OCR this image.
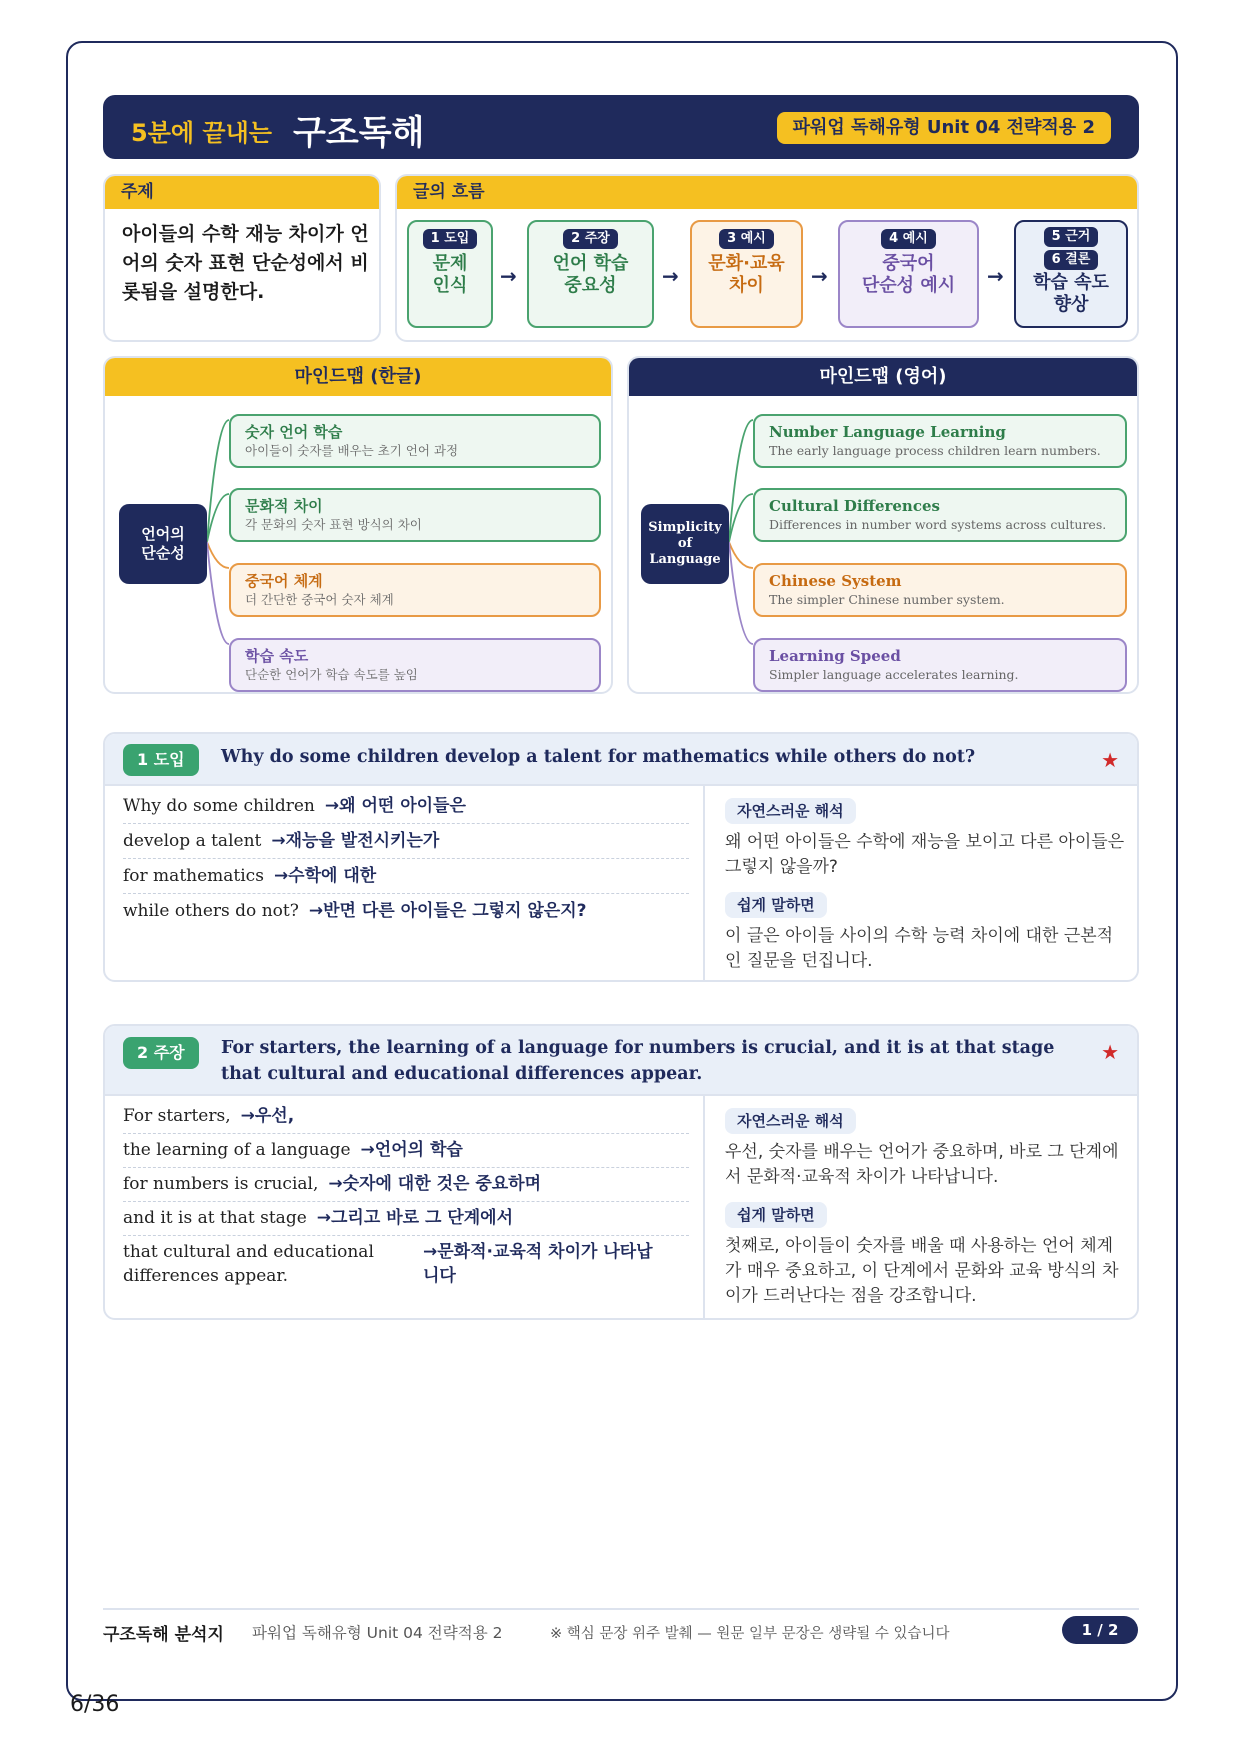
5분에 끝내는 구조독해	파워업 독해유형 Unit 04 전략적용 2
주제
아이들의 수학 재능 차이가 언어의 숫자 표현 단순성에서 비롯됨을 설명한다.
글의 흐름
1 도입
문제
인식	→
2 주장
언어 학습
중요성	→
3 예시
문화·교육
차이	→
4 예시
중국어
단순성 예시	→
5 근거
6 결론
학습 속도
향상
마인드맵 (한글)
언어의
단순성
숫자 언어 학습
아이들이 숫자를 배우는 초기 언어 과정
문화적 차이
각 문화의 숫자 표현 방식의 차이
중국어 체계
더 간단한 중국어 숫자 체계
학습 속도
단순한 언어가 학습 속도를 높임
마인드맵 (영어)
Simplicity
of
Language
Number Language Learning
The early language process children learn numbers.
Cultural Differences
Differences in number word systems across cultures.
Chinese System
The simpler Chinese number system.
Learning Speed
Simpler language accelerates learning.
1 도입	Why do some children develop a talent for mathematics while others do not?	★
Why do some children →왜 어떤 아이들은
develop a talent →재능을 발전시키는가
for mathematics →수학에 대한
while others do not? →반면 다른 아이들은 그렇지 않은지?
자연스러운 해석
왜 어떤 아이들은 수학에 재능을 보이고 다른 아이들은 그렇지 않을까?
쉽게 말하면
이 글은 아이들 사이의 수학 능력 차이에 대한 근본적인 질문을 던집니다.
2 주장	For starters, the learning of a language for numbers is crucial, and it is at that stage that cultural and educational differences appear.
★
For starters, →우선,
the learning of a language →언어의 학습
for numbers is crucial, →숫자에 대한 것은 중요하며
and it is at that stage →그리고 바로 그 단계에서
that cultural and educational differences appear.
→문화적·교육적 차이가 나타납니다
자연스러운 해석
우선, 숫자를 배우는 언어가 중요하며, 바로 그 단계에서 문화적·교육적 차이가 나타납니다.
쉽게 말하면
첫째로, 아이들이 숫자를 배울 때 사용하는 언어 체계가 매우 중요하고, 이 단계에서 문화와 교육 방식의 차이가 드러난다는 점을 강조합니다.
구조독해 분석지 파워업 독해유형 Unit 04 전략적용 2	※ 핵심 문장 위주 발췌 — 원문 일부 문장은 생략될 수 있습니다	1 / 2
6/36
